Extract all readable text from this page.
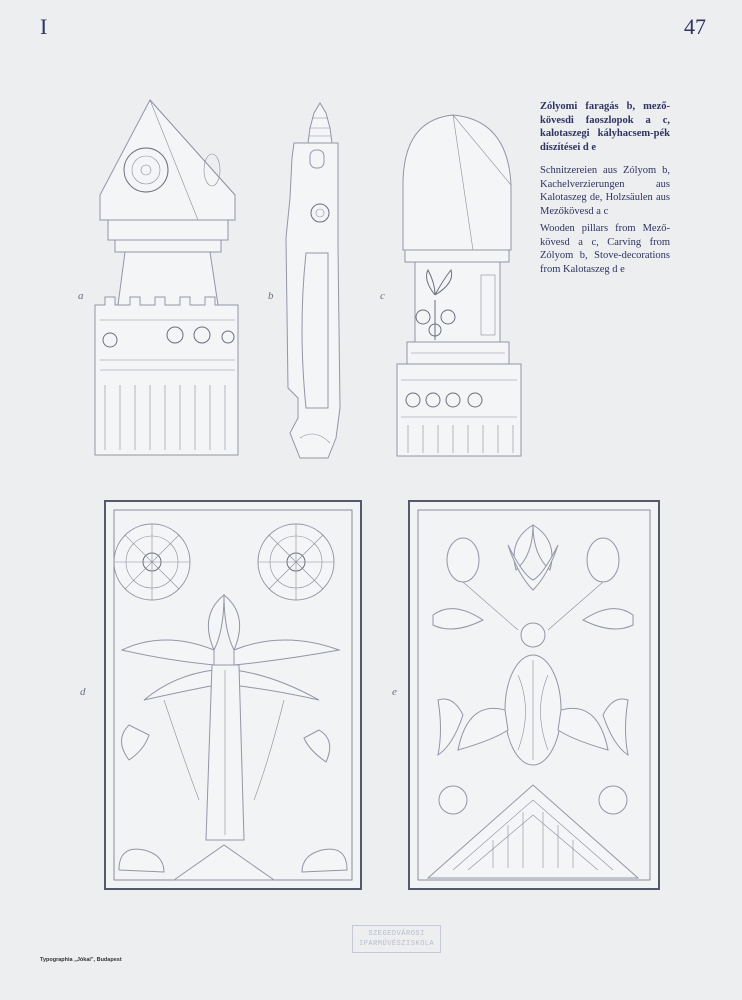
I	47
Zólyomi faragás b, mező-kövesdi faoszlopok a c, kalotaszegi kályhacsem-pék díszítései d e
Schnitzereien aus Zólyom b, Kachelverzierungen aus Kalotaszeg de, Holzsäulen aus Mezőkövesd a c
Wooden pillars from Mező-kövesd a c, Carving from Zólyom b, Stove-decorations from Kalotaszeg d e
a	b	c
d	e
Typographia „Jókai", Budapest
SZEGEDVÁROSI
IPARMŰVÉSZISKOLA
